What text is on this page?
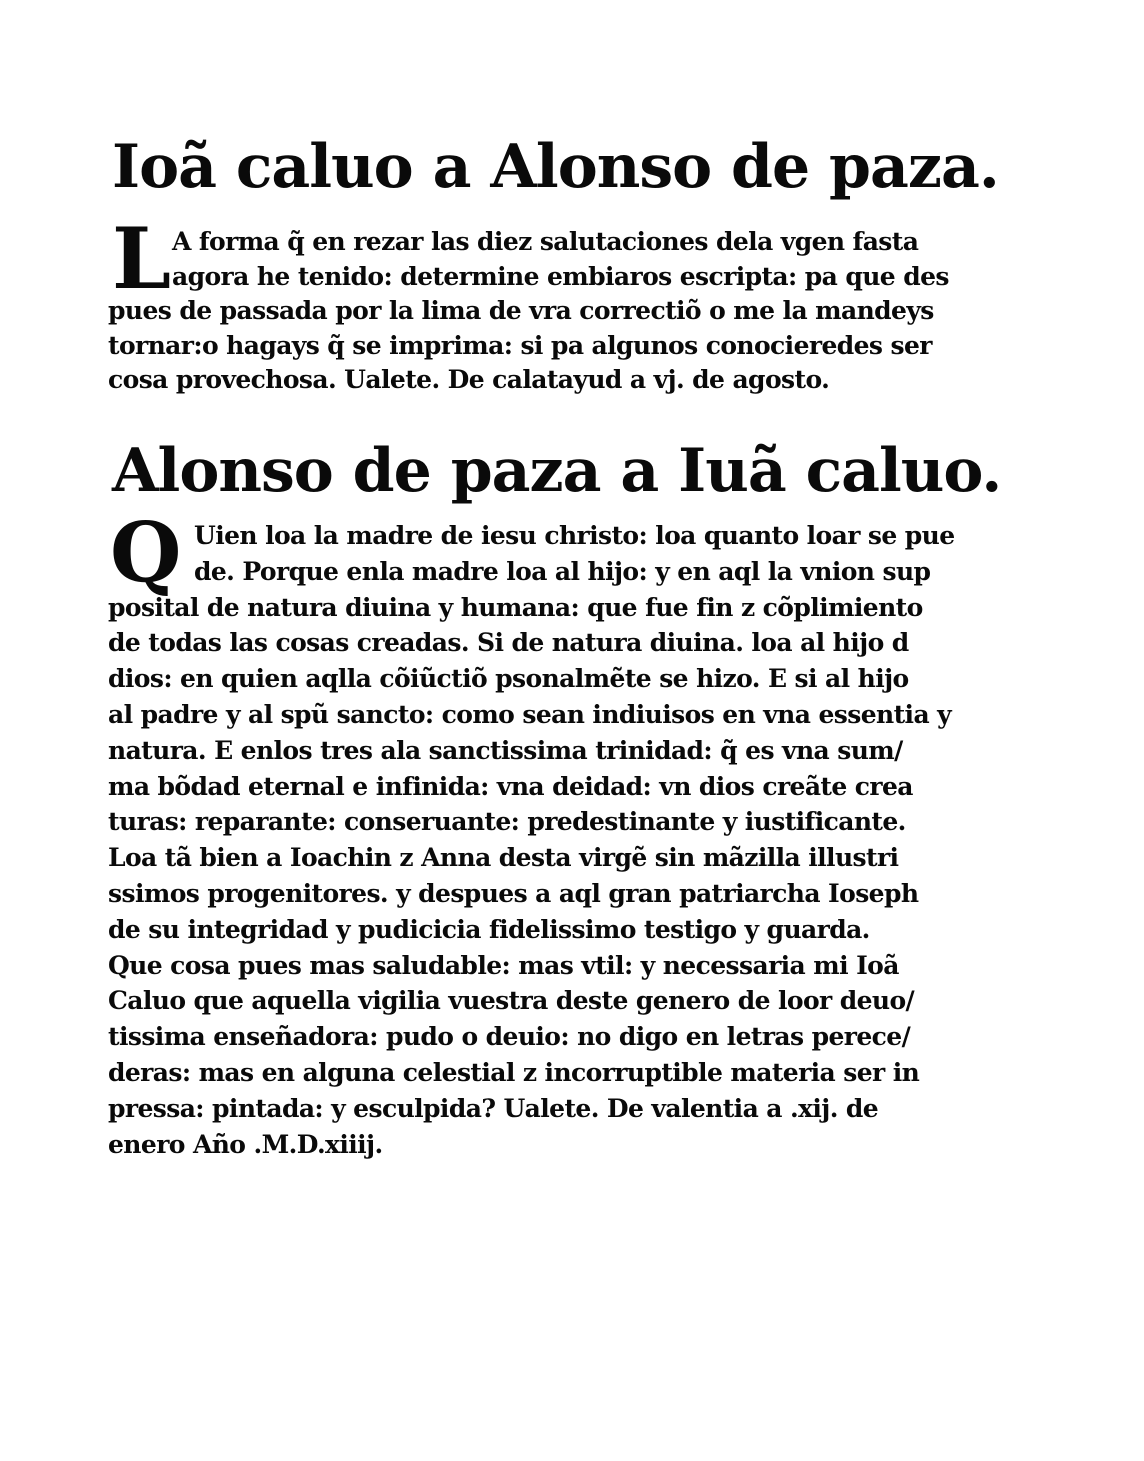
Ioã caluo a Alonso de paza.
L A forma q̃ en rezar las diez salutaciones dela vgen fasta
agora he tenido: determine embiaros escripta: pa que des
pues de passada por la lima de vra correctiõ o me la mandeys
tornar:o hagays q̃ se imprima: si pa algunos conocieredes ser
cosa provechosa. Ualete. De calatayud a vj. de agosto.
Alonso de paza a Iuã caluo.
Q Uien loa la madre de iesu christo: loa quanto loar se pue
de. Porque enla madre loa al hijo: y en aql la vnion sup
posital de natura diuina y humana: que fue fin z cõplimiento
de todas las cosas creadas. Si de natura diuina. loa al hijo d
dios: en quien aqlla cõiũctiõ psonalmẽte se hizo. E si al hijo
al padre y al spũ sancto: como sean indiuisos en vna essentia y
natura. E enlos tres ala sanctissima trinidad: q̃ es vna sum/
ma bõdad eternal e infinida: vna deidad: vn dios creãte crea
turas: reparante: conseruante: predestinante y iustificante.
Loa tã bien a Ioachin z Anna desta virgẽ sin mãzilla illustri
ssimos progenitores. y despues a aql gran patriarcha Ioseph
de su integridad y pudicicia fidelissimo testigo y guarda.
Que cosa pues mas saludable: mas vtil: y necessaria mi Ioã
Caluo que aquella vigilia vuestra deste genero de loor deuo/
tissima enseñadora: pudo o deuio: no digo en letras perece/
deras: mas en alguna celestial z incorruptible materia ser in
pressa: pintada: y esculpida? Ualete. De valentia a .xij. de
enero Año .M.D.xiiij.
